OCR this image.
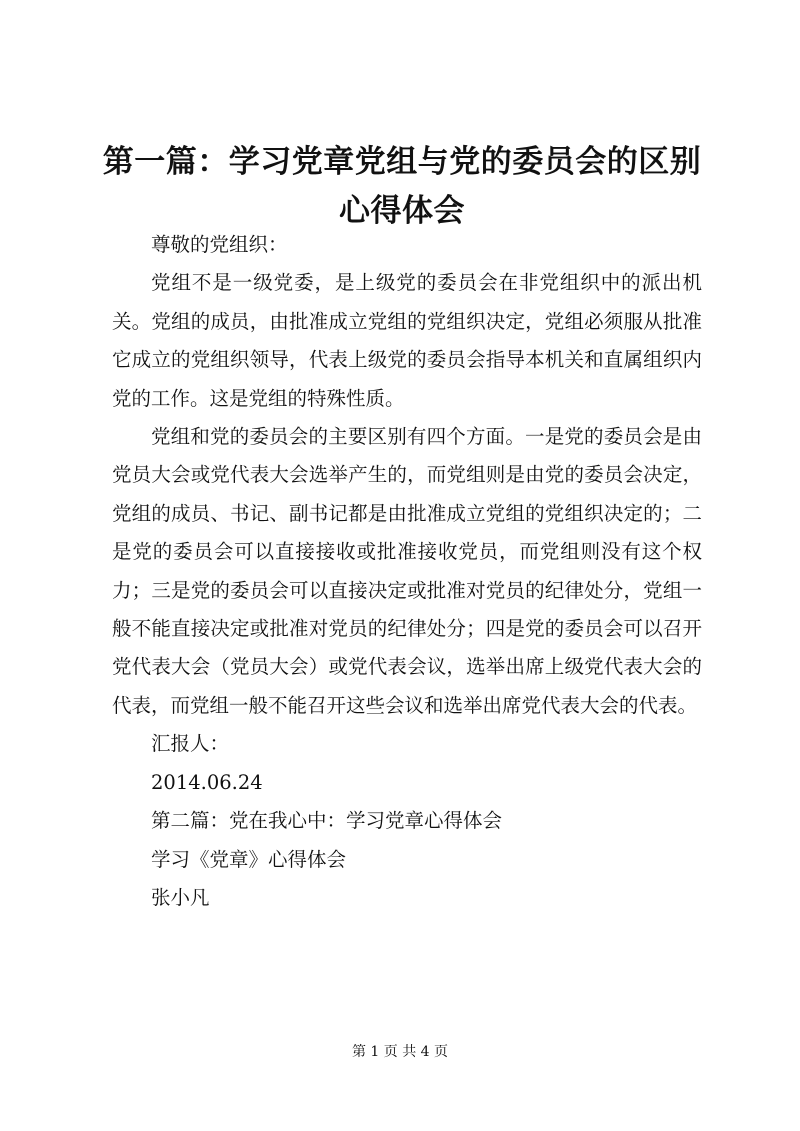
第一篇：学习党章党组与党的委员会的区别心得体会

尊敬的党组织：

党组不是一级党委，是上级党的委员会在非党组织中的派出机关。党组的成员，由批准成立党组的党组织决定，党组必须服从批准它成立的党组织领导，代表上级党的委员会指导本机关和直属组织内党的工作。这是党组的特殊性质。

党组和党的委员会的主要区别有四个方面。一是党的委员会是由党员大会或党代表大会选举产生的，而党组则是由党的委员会决定，党组的成员、书记、副书记都是由批准成立党组的党组织决定的；二是党的委员会可以直接接收或批准接收党员，而党组则没有这个权力；三是党的委员会可以直接决定或批准对党员的纪律处分，党组一般不能直接决定或批准对党员的纪律处分；四是党的委员会可以召开党代表大会（党员大会）或党代表会议，选举出席上级党代表大会的代表，而党组一般不能召开这些会议和选举出席党代表大会的代表。

汇报人：

2014.06.24

第二篇：党在我心中：学习党章心得体会

学习《党章》心得体会

张小凡

第 1 页 共 4 页
